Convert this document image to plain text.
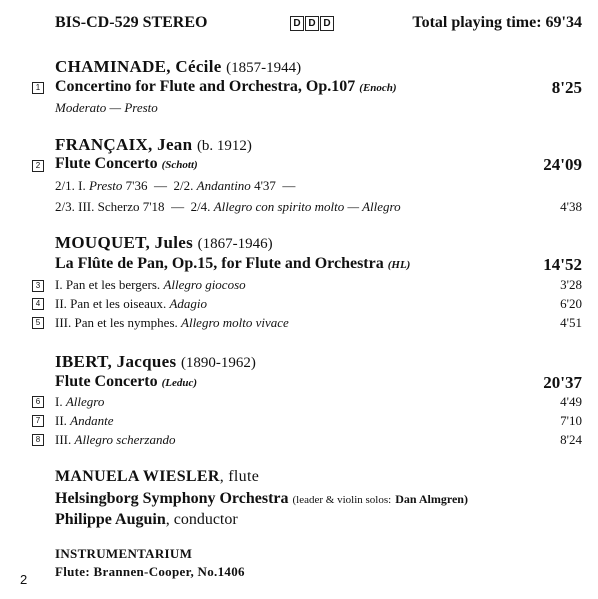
BIS-CD-529 STEREO	D D D	Total playing time: 69'34
CHAMINADE, Cécile (1857-1944)
1 Concertino for Flute and Orchestra, Op.107 (Enoch)	8'25
Moderato — Presto
FRANÇAIX, Jean (b. 1912)
2 Flute Concerto (Schott)	24'09
2/1. I. Presto 7'36  —  2/2. Andantino 4'37  —
2/3. III. Scherzo 7'18  —  2/4. Allegro con spirito molto — Allegro	4'38
MOUQUET, Jules (1867-1946)
La Flûte de Pan, Op.15, for Flute and Orchestra (HL)	14'52
3 I. Pan et les bergers. Allegro giocoso	3'28
4 II. Pan et les oiseaux. Adagio	6'20
5 III. Pan et les nymphes. Allegro molto vivace	4'51
IBERT, Jacques (1890-1962)
Flute Concerto (Leduc)	20'37
6 I. Allegro	4'49
7 II. Andante	7'10
8 III. Allegro scherzando	8'24
MANUELA WIESLER, flute
Helsingborg Symphony Orchestra (leader & violin solos: Dan Almgren)
Philippe Auguin, conductor
INSTRUMENTARIUM
Flute: Brannen-Cooper, No.1406
2
